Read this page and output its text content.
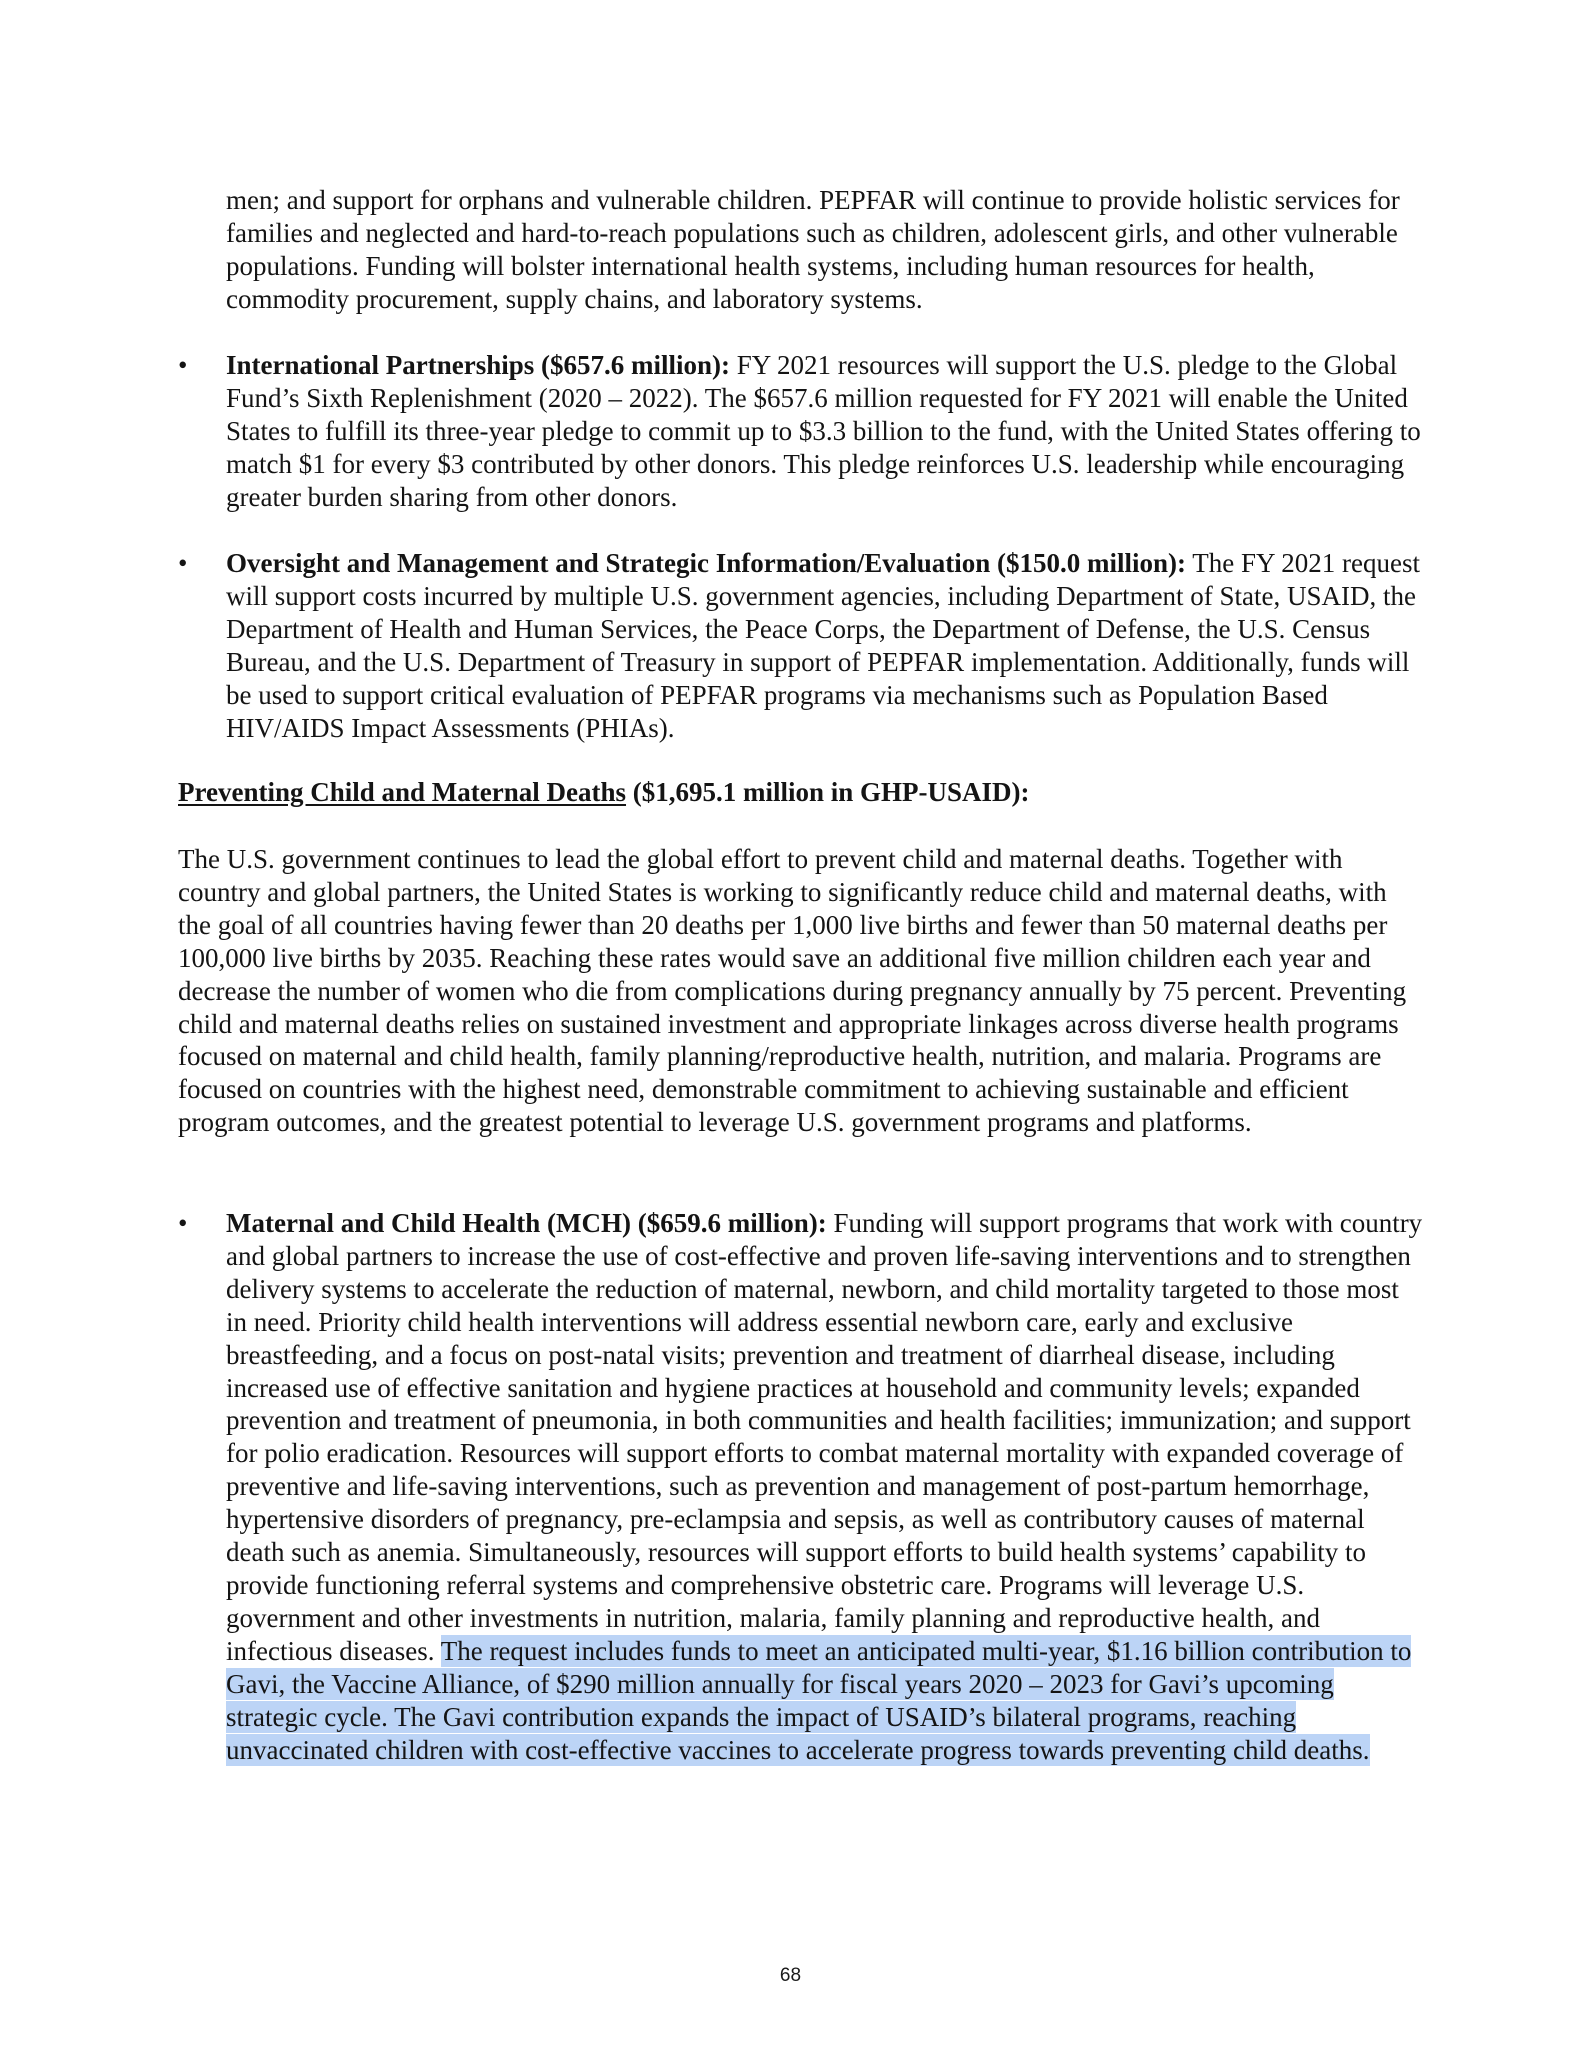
men; and support for orphans and vulnerable children. PEPFAR will continue to provide holistic services for families and neglected and hard-to-reach populations such as children, adolescent girls, and other vulnerable populations. Funding will bolster international health systems, including human resources for health, commodity procurement, supply chains, and laboratory systems.

•	International Partnerships ($657.6 million): FY 2021 resources will support the U.S. pledge to the Global Fund’s Sixth Replenishment (2020 – 2022). The $657.6 million requested for FY 2021 will enable the United States to fulfill its three-year pledge to commit up to $3.3 billion to the fund, with the United States offering to match $1 for every $3 contributed by other donors. This pledge reinforces U.S. leadership while encouraging greater burden sharing from other donors.

•	Oversight and Management and Strategic Information/Evaluation ($150.0 million): The FY 2021 request will support costs incurred by multiple U.S. government agencies, including Department of State, USAID, the Department of Health and Human Services, the Peace Corps, the Department of Defense, the U.S. Census Bureau, and the U.S. Department of Treasury in support of PEPFAR implementation. Additionally, funds will be used to support critical evaluation of PEPFAR programs via mechanisms such as Population Based HIV/AIDS Impact Assessments (PHIAs).

Preventing Child and Maternal Deaths ($1,695.1 million in GHP-USAID):

The U.S. government continues to lead the global effort to prevent child and maternal deaths. Together with country and global partners, the United States is working to significantly reduce child and maternal deaths, with the goal of all countries having fewer than 20 deaths per 1,000 live births and fewer than 50 maternal deaths per 100,000 live births by 2035. Reaching these rates would save an additional five million children each year and decrease the number of women who die from complications during pregnancy annually by 75 percent. Preventing child and maternal deaths relies on sustained investment and appropriate linkages across diverse health programs focused on maternal and child health, family planning/reproductive health, nutrition, and malaria. Programs are focused on countries with the highest need, demonstrable commitment to achieving sustainable and efficient program outcomes, and the greatest potential to leverage U.S. government programs and platforms.

•	Maternal and Child Health (MCH) ($659.6 million): Funding will support programs that work with country and global partners to increase the use of cost-effective and proven life-saving interventions and to strengthen delivery systems to accelerate the reduction of maternal, newborn, and child mortality targeted to those most in need. Priority child health interventions will address essential newborn care, early and exclusive breastfeeding, and a focus on post-natal visits; prevention and treatment of diarrheal disease, including increased use of effective sanitation and hygiene practices at household and community levels; expanded prevention and treatment of pneumonia, in both communities and health facilities; immunization; and support for polio eradication. Resources will support efforts to combat maternal mortality with expanded coverage of preventive and life-saving interventions, such as prevention and management of post-partum hemorrhage, hypertensive disorders of pregnancy, pre-eclampsia and sepsis, as well as contributory causes of maternal death such as anemia. Simultaneously, resources will support efforts to build health systems’ capability to provide functioning referral systems and comprehensive obstetric care. Programs will leverage U.S. government and other investments in nutrition, malaria, family planning and reproductive health, and infectious diseases. The request includes funds to meet an anticipated multi-year, $1.16 billion contribution to Gavi, the Vaccine Alliance, of $290 million annually for fiscal years 2020 – 2023 for Gavi’s upcoming strategic cycle. The Gavi contribution expands the impact of USAID’s bilateral programs, reaching unvaccinated children with cost-effective vaccines to accelerate progress towards preventing child deaths.

68
